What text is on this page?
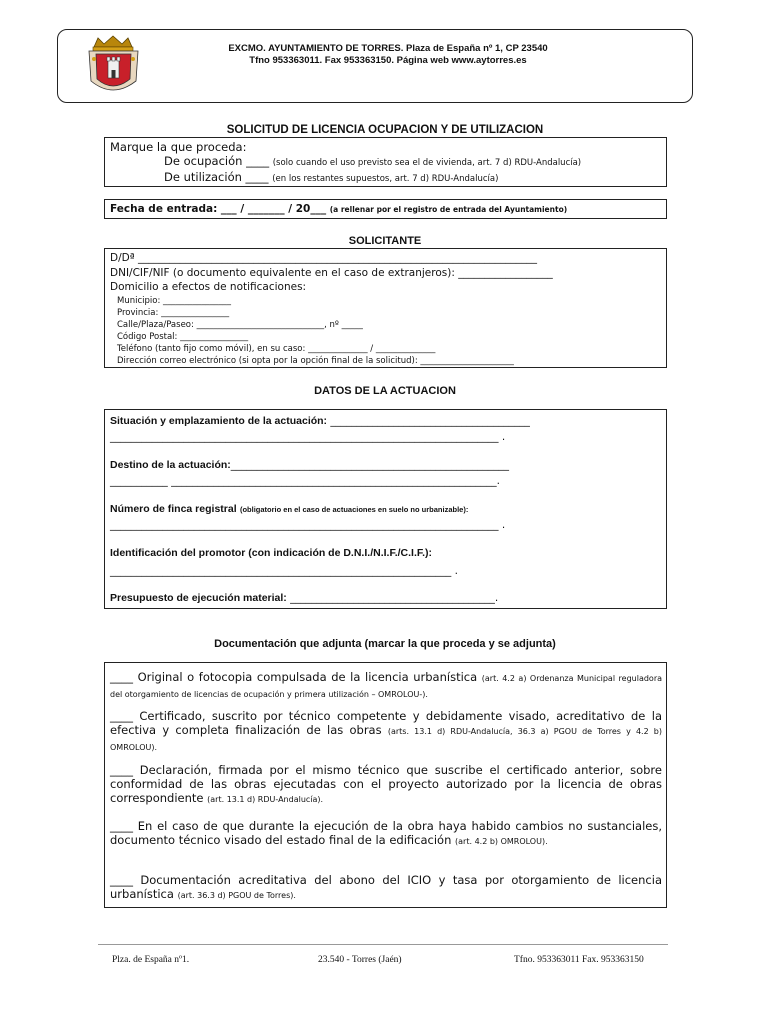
EXCMO. AYUNTAMIENTO DE TORRES. Plaza de España nº 1, CP 23540
Tfno 953363011. Fax 953363150. Página web www.aytorres.es
SOLICITUD DE LICENCIA OCUPACION Y DE UTILIZACION
Marque la que proceda:
De ocupación ____ (solo cuando el uso previsto sea el de vivienda, art. 7 d) RDU-Andalucía)
De utilización ____ (en los restantes supuestos, art. 7 d) RDU-Andalucía)
Fecha de entrada: ___ / _______ / 20___ (a rellenar por el registro de entrada del Ayuntamiento)
SOLICITANTE
D/Dª ____________________________________________________________________________
DNI/CIF/NIF (o documento equivalente en el caso de extranjeros): __________________
Domicilio a efectos de notificaciones:
Municipio: ________________
Provincia: ________________
Calle/Plaza/Paseo: ______________________________, nº _____
Código Postal: ________________
Teléfono (tanto fijo como móvil), en su caso: ______________ / ______________
Dirección correo electrónico (si opta por la opción final de la solicitud): ______________________
DATOS DE LA ACTUACION
Situación y emplazamiento de la actuación: ______________________________________
__________________________________________________________________________ .
Destino de la actuación:_____________________________________________________
___________ ______________________________________________________________.
Número de finca registral (obligatorio en el caso de actuaciones en suelo no urbanizable):
__________________________________________________________________________ .
Identificación del promotor (con indicación de D.N.I./N.I.F./C.I.F.):
_________________________________________________________________ .
Presupuesto de ejecución material: _______________________________________.
Documentación que adjunta (marcar la que proceda y se adjunta)
____ Original o fotocopia compulsada de la licencia urbanística (art. 4.2 a) Ordenanza Municipal reguladora del otorgamiento de licencias de ocupación y primera utilización – OMROLOU-).
____ Certificado, suscrito por técnico competente y debidamente visado, acreditativo de la efectiva y completa finalización de las obras (arts. 13.1 d) RDU-Andalucía, 36.3 a) PGOU de Torres y 4.2 b) OMROLOU).
____ Declaración, firmada por el mismo técnico que suscribe el certificado anterior, sobre conformidad de las obras ejecutadas con el proyecto autorizado por la licencia de obras correspondiente (art. 13.1 d) RDU-Andalucía).
____ En el caso de que durante la ejecución de la obra haya habido cambios no sustanciales, documento técnico visado del estado final de la edificación (art. 4.2 b) OMROLOU).
____ Documentación acreditativa del abono del ICIO y tasa por otorgamiento de licencia urbanística (art. 36.3 d) PGOU de Torres).
Plza. de España nº1.	23.540 - Torres (Jaén)	Tfno. 953363011 Fax. 953363150
